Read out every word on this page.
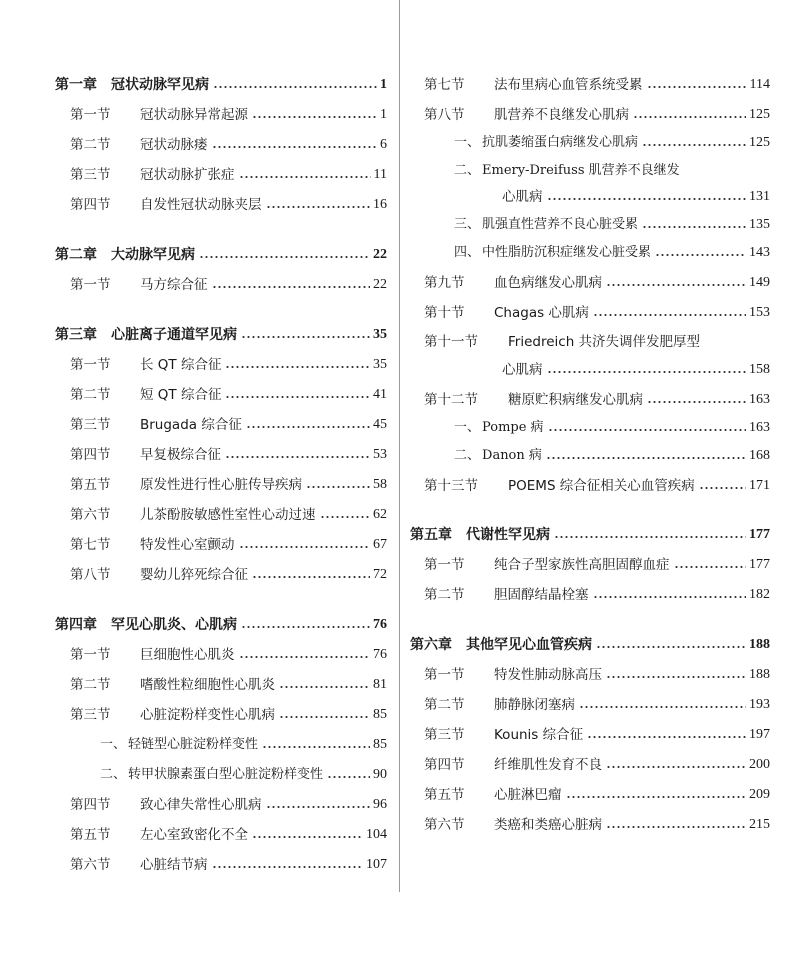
第一章 冠状动脉罕见病	1
第一节 冠状动脉异常起源	1
第二节 冠状动脉瘘	6
第三节 冠状动脉扩张症	11
第四节 自发性冠状动脉夹层	16
第二章 大动脉罕见病	22
第一节 马方综合征	22
第三章 心脏离子通道罕见病	35
第一节 长 QT 综合征	35
第二节 短 QT 综合征	41
第三节 Brugada 综合征	45
第四节 早复极综合征	53
第五节 原发性进行性心脏传导疾病	58
第六节 儿茶酚胺敏感性室性心动过速	62
第七节 特发性心室颤动	67
第八节 婴幼儿猝死综合征	72
第四章 罕见心肌炎、心肌病	76
第一节 巨细胞性心肌炎	76
第二节 嗜酸性粒细胞性心肌炎	81
第三节 心脏淀粉样变性心肌病	85
一、 轻链型心脏淀粉样变性	85
二、 转甲状腺素蛋白型心脏淀粉样变性	90
第四节 致心律失常性心肌病	96
第五节 左心室致密化不全	104
第六节 心脏结节病	107
第七节 法布里病心血管系统受累	114
第八节 肌营养不良继发心肌病	125
一、 抗肌萎缩蛋白病继发心肌病	125
二、 Emery-Dreifuss 肌营养不良继发
心肌病	131
三、 肌强直性营养不良心脏受累	135
四、 中性脂肪沉积症继发心脏受累	143
第九节 血色病继发心肌病	149
第十节 Chagas 心肌病	153
第十一节 Friedreich 共济失调伴发肥厚型
心肌病	158
第十二节 糖原贮积病继发心肌病	163
一、 Pompe 病	163
二、 Danon 病	168
第十三节 POEMS 综合征相关心血管疾病	171
第五章 代谢性罕见病	177
第一节 纯合子型家族性高胆固醇血症	177
第二节 胆固醇结晶栓塞	182
第六章 其他罕见心血管疾病	188
第一节 特发性肺动脉高压	188
第二节 肺静脉闭塞病	193
第三节 Kounis 综合征	197
第四节 纤维肌性发育不良	200
第五节 心脏淋巴瘤	209
第六节 类癌和类癌心脏病	215
